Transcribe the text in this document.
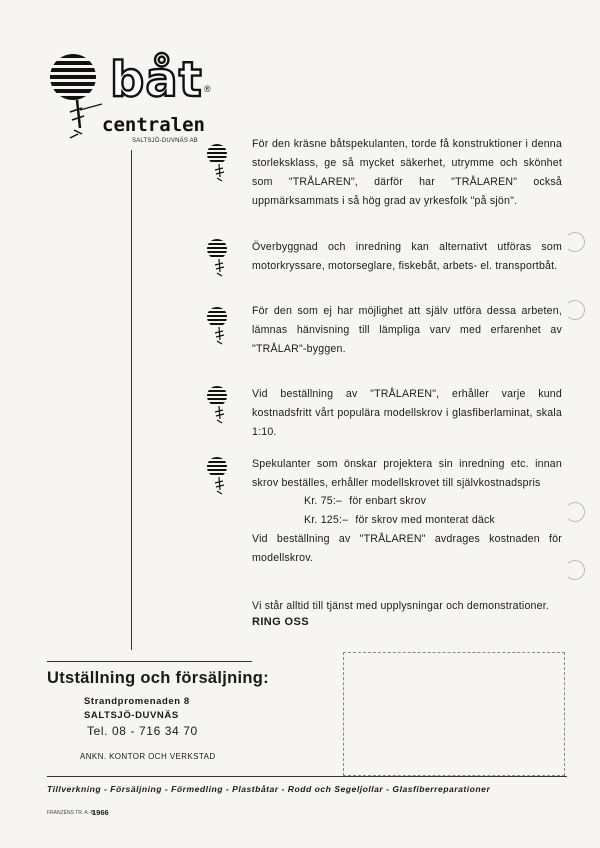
båt ®
centralen
SALTSJÖ-DUVNÄS AB	För den kräsne båtspekulanten, torde få konstruktioner i denna storleksklass, ge så mycket säkerhet, utrymme och skönhet som "TRÅLAREN", därför har "TRÅLAREN" också uppmärksammats i så hög grad av yrkesfolk "på sjön".
Överbyggnad och inredning kan alternativt utföras som motorkryssare, motorseglare, fiskebåt, arbets- el. transportbåt.
För den som ej har möjlighet att själv utföra dessa arbeten, lämnas hänvisning till lämpliga varv med erfarenhet av "TRÅLAR"-byggen.
Vid beställning av "TRÅLAREN", erhåller varje kund kostnadsfritt vårt populära modellskrov i glasfiberlaminat, skala 1:10.
Spekulanter som önskar projektera sin inredning etc. innan skrov beställes, erhåller modellskrovet till självkostnadspris
Kr. 75:– för enbart skrov
Kr. 125:– för skrov med monterat däck
Vid beställning av "TRÅLAREN" avdrages kostnaden för modellskrov.
Vi står alltid till tjänst med upplysningar och demonstrationer.
RING OSS
Utställning och försäljning:
Strandpromenaden 8
SALTSJÖ-DUVNÄS
Tel. 08 - 716 34 70
ANKN. KONTOR OCH VERKSTAD
Tillverkning - Försäljning - Förmedling - Plastbåtar - Rodd och Segeljollar - Glasfiberreparationer
FRANZÉNS TR. A.-B.
1966
